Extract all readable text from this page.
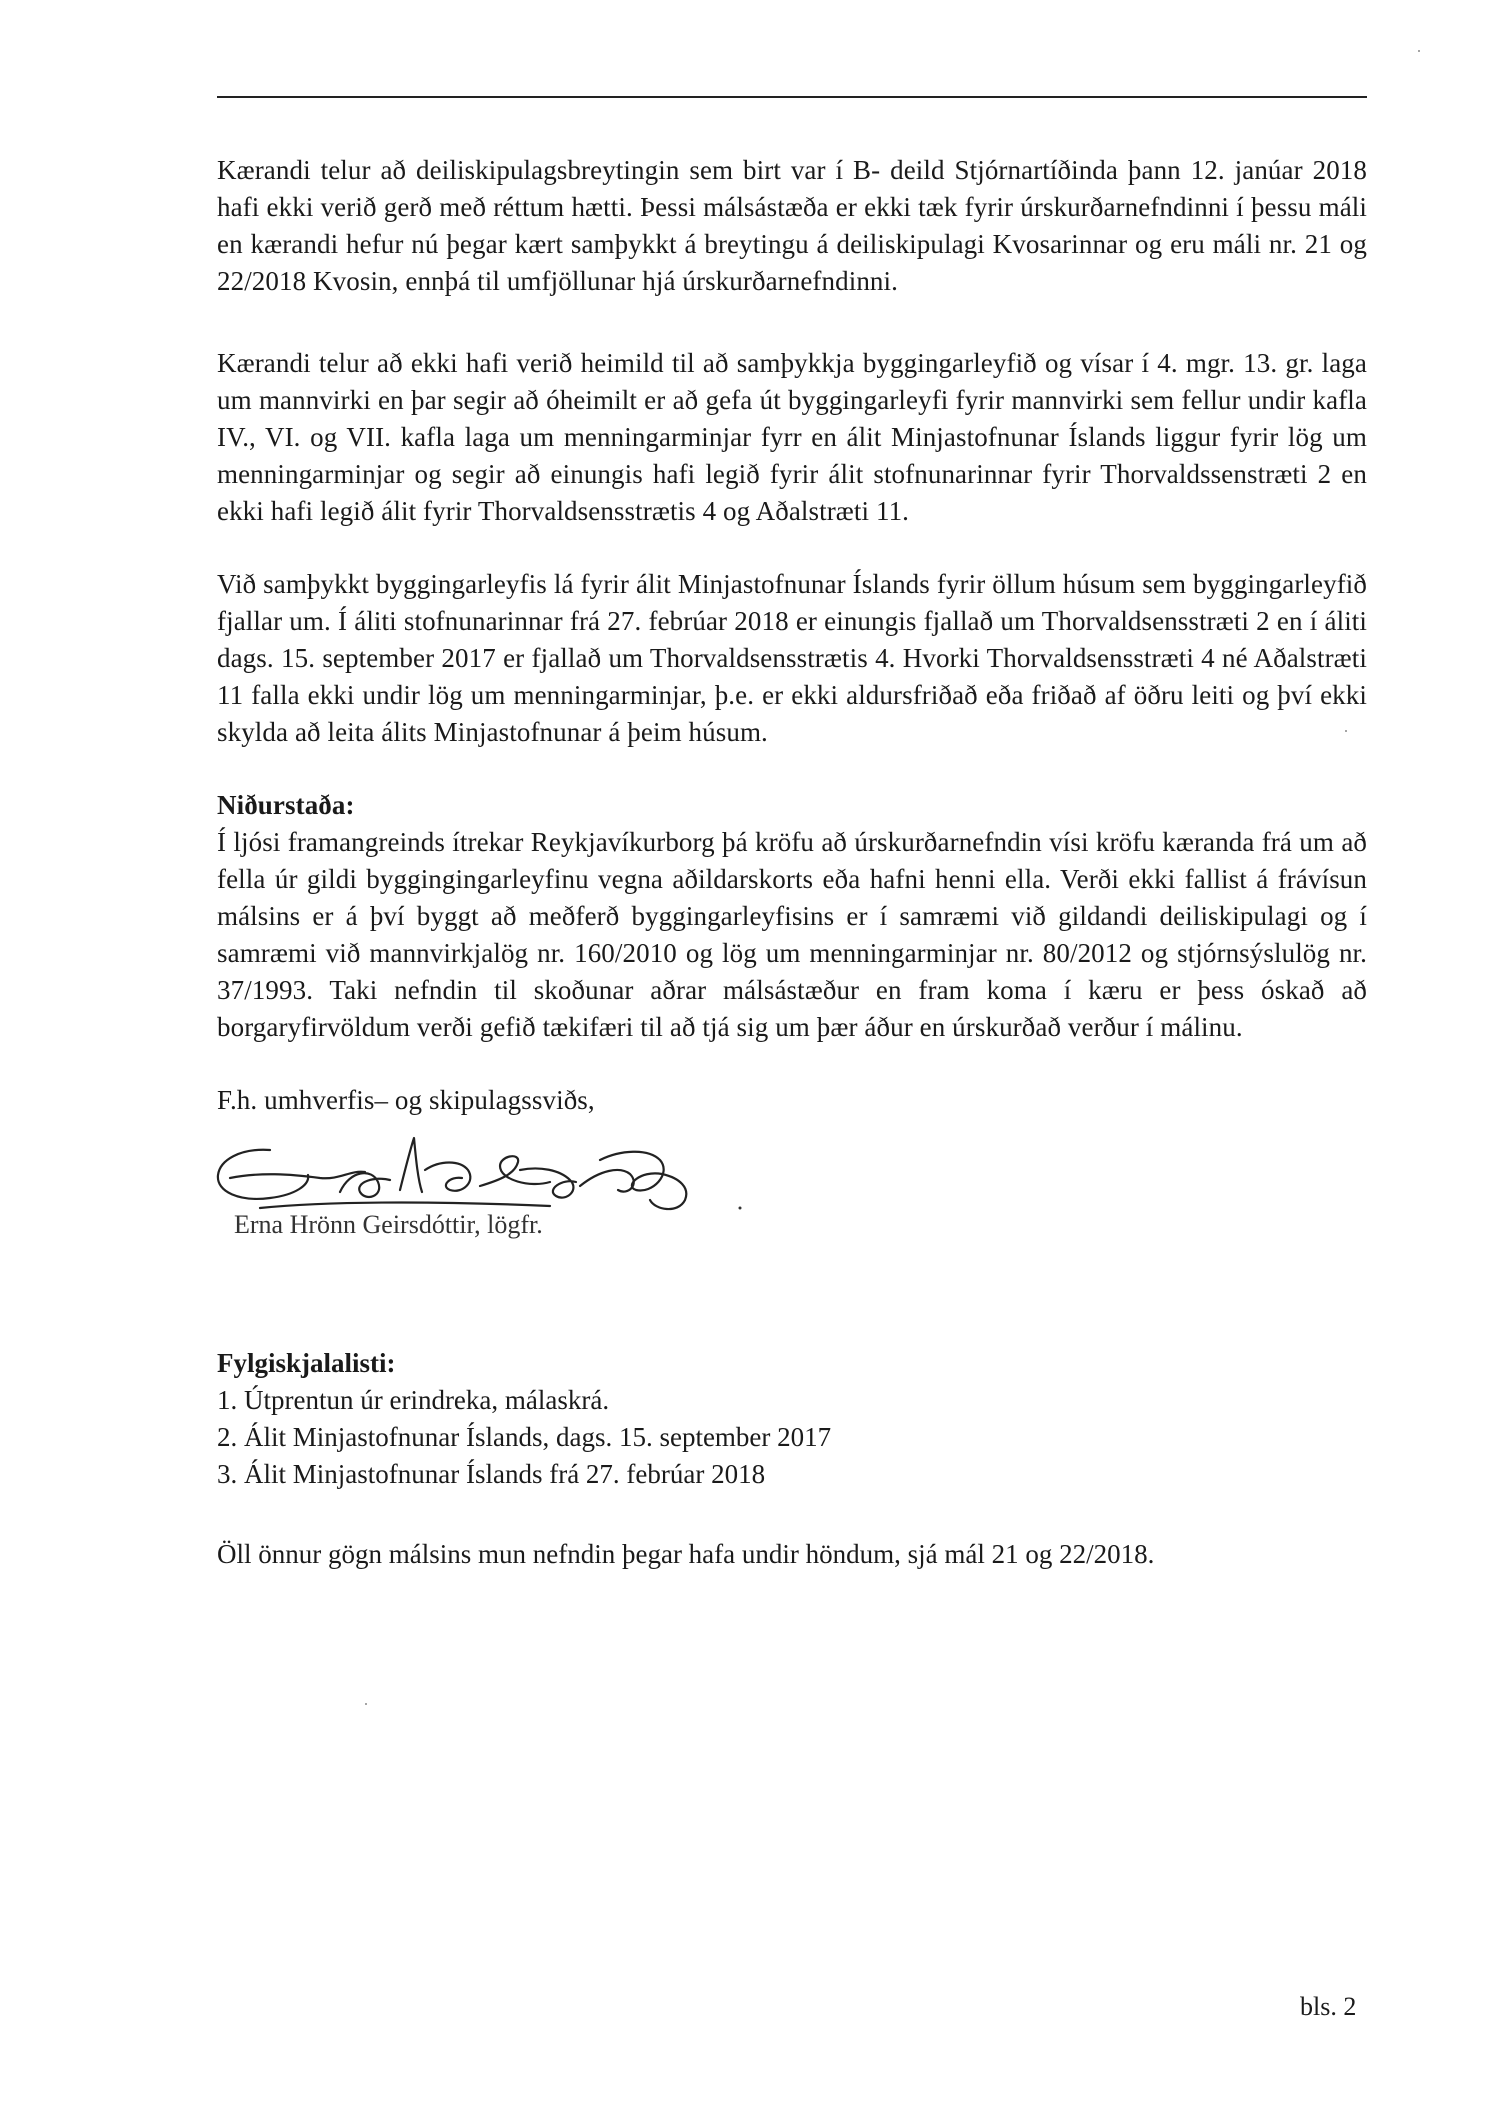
Kærandi telur að deiliskipulagsbreytingin sem birt var í B- deild Stjórnartíðinda þann 12. janúar 2018 hafi ekki verið gerð með réttum hætti. Þessi málsástæða er ekki tæk fyrir úrskurðarnefndinni í þessu máli en kærandi hefur nú þegar kært samþykkt á breytingu á deiliskipulagi Kvosarinnar og eru máli nr. 21 og 22/2018 Kvosin, ennþá til umfjöllunar hjá úrskurðarnefndinni.

Kærandi telur að ekki hafi verið heimild til að samþykkja byggingarleyfið og vísar í 4. mgr. 13. gr. laga um mannvirki en þar segir að óheimilt er að gefa út byggingarleyfi fyrir mannvirki sem fellur undir kafla IV., VI. og VII. kafla laga um menningarminjar fyrr en álit Minjastofnunar Íslands liggur fyrir lög um menningarminjar og segir að einungis hafi legið fyrir álit stofnunarinnar fyrir Thorvaldssenstræti 2 en ekki hafi legið álit fyrir Thorvaldsensstrætis 4 og Aðalstræti 11.

Við samþykkt byggingarleyfis lá fyrir álit Minjastofnunar Íslands fyrir öllum húsum sem byggingarleyfið fjallar um. Í áliti stofnunarinnar frá 27. febrúar 2018 er einungis fjallað um Thorvaldsensstræti 2 en í áliti dags. 15. september 2017 er fjallað um Thorvaldsensstrætis 4. Hvorki Thorvaldsensstræti 4 né Aðalstræti 11 falla ekki undir lög um menningarminjar, þ.e. er ekki aldursfriðað eða friðað af öðru leiti og því ekki skylda að leita álits Minjastofnunar á þeim húsum.

Niðurstaða:

Í ljósi framangreinds ítrekar Reykjavíkurborg þá kröfu að úrskurðarnefndin vísi kröfu kæranda frá um að fella úr gildi byggingingarleyfinu vegna aðildarskorts eða hafni henni ella. Verði ekki fallist á frávísun málsins er á því byggt að meðferð byggingarleyfisins er í samræmi við gildandi deiliskipulagi og í samræmi við mannvirkjalög nr. 160/2010 og lög um menningarminjar nr. 80/2012 og stjórnsýslulög nr. 37/1993. Taki nefndin til skoðunar aðrar málsástæður en fram koma í kæru er þess óskað að borgaryfirvöldum verði gefið tækifæri til að tjá sig um þær áður en úrskurðað verður í málinu.

F.h. umhverfis– og skipulagssviðs,

Erna Hrönn Geirsdóttir, lögfr.
Fylgiskjalalisti:
1. Útprentun úr erindreka, málaskrá.
2. Álit Minjastofnunar Íslands, dags. 15. september 2017
3. Álit Minjastofnunar Íslands frá 27. febrúar 2018

Öll önnur gögn málsins mun nefndin þegar hafa undir höndum, sjá mál 21 og 22/2018.

bls. 2
